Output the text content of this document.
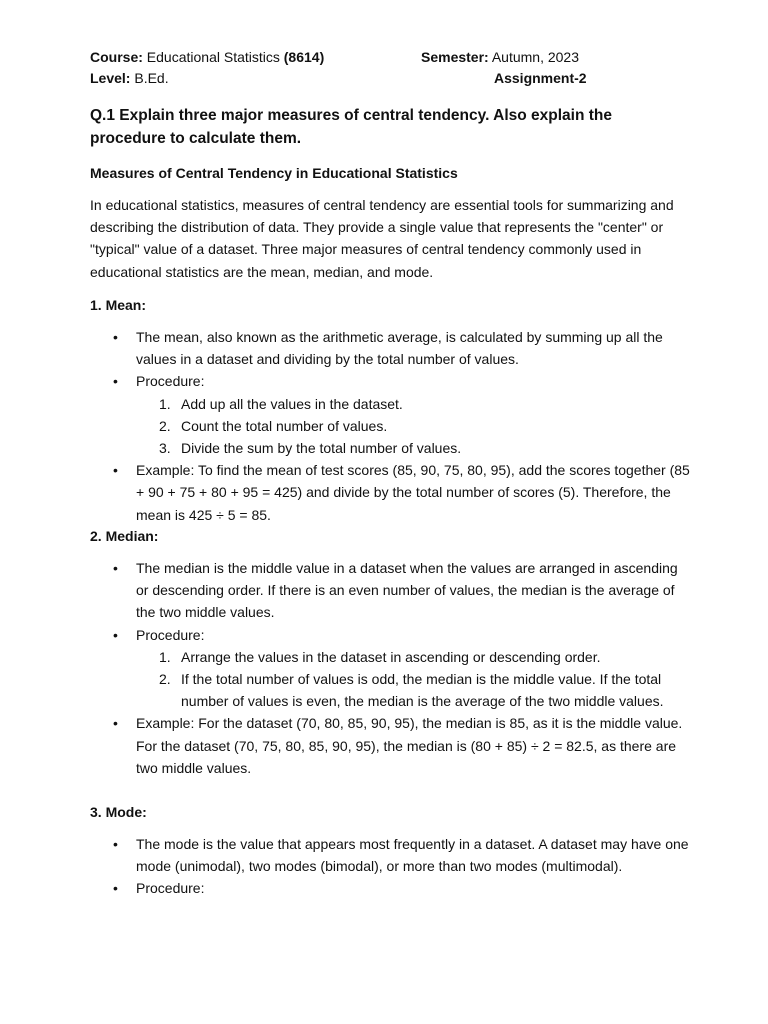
Course: Educational Statistics (8614)
Level: B.Ed.
Semester: Autumn, 2023
Assignment-2
Q.1 Explain three major measures of central tendency. Also explain the procedure to calculate them.
Measures of Central Tendency in Educational Statistics
In educational statistics, measures of central tendency are essential tools for summarizing and describing the distribution of data. They provide a single value that represents the "center" or "typical" value of a dataset. Three major measures of central tendency commonly used in educational statistics are the mean, median, and mode.
1. Mean:
• The mean, also known as the arithmetic average, is calculated by summing up all the values in a dataset and dividing by the total number of values.
• Procedure:
1. Add up all the values in the dataset.
2. Count the total number of values.
3. Divide the sum by the total number of values.
• Example: To find the mean of test scores (85, 90, 75, 80, 95), add the scores together (85 + 90 + 75 + 80 + 95 = 425) and divide by the total number of scores (5). Therefore, the mean is 425 ÷ 5 = 85.
2. Median:
• The median is the middle value in a dataset when the values are arranged in ascending or descending order. If there is an even number of values, the median is the average of the two middle values.
• Procedure:
1. Arrange the values in the dataset in ascending or descending order.
2. If the total number of values is odd, the median is the middle value. If the total number of values is even, the median is the average of the two middle values.
• Example: For the dataset (70, 80, 85, 90, 95), the median is 85, as it is the middle value. For the dataset (70, 75, 80, 85, 90, 95), the median is (80 + 85) ÷ 2 = 82.5, as there are two middle values.
3. Mode:
• The mode is the value that appears most frequently in a dataset. A dataset may have one mode (unimodal), two modes (bimodal), or more than two modes (multimodal).
• Procedure:
